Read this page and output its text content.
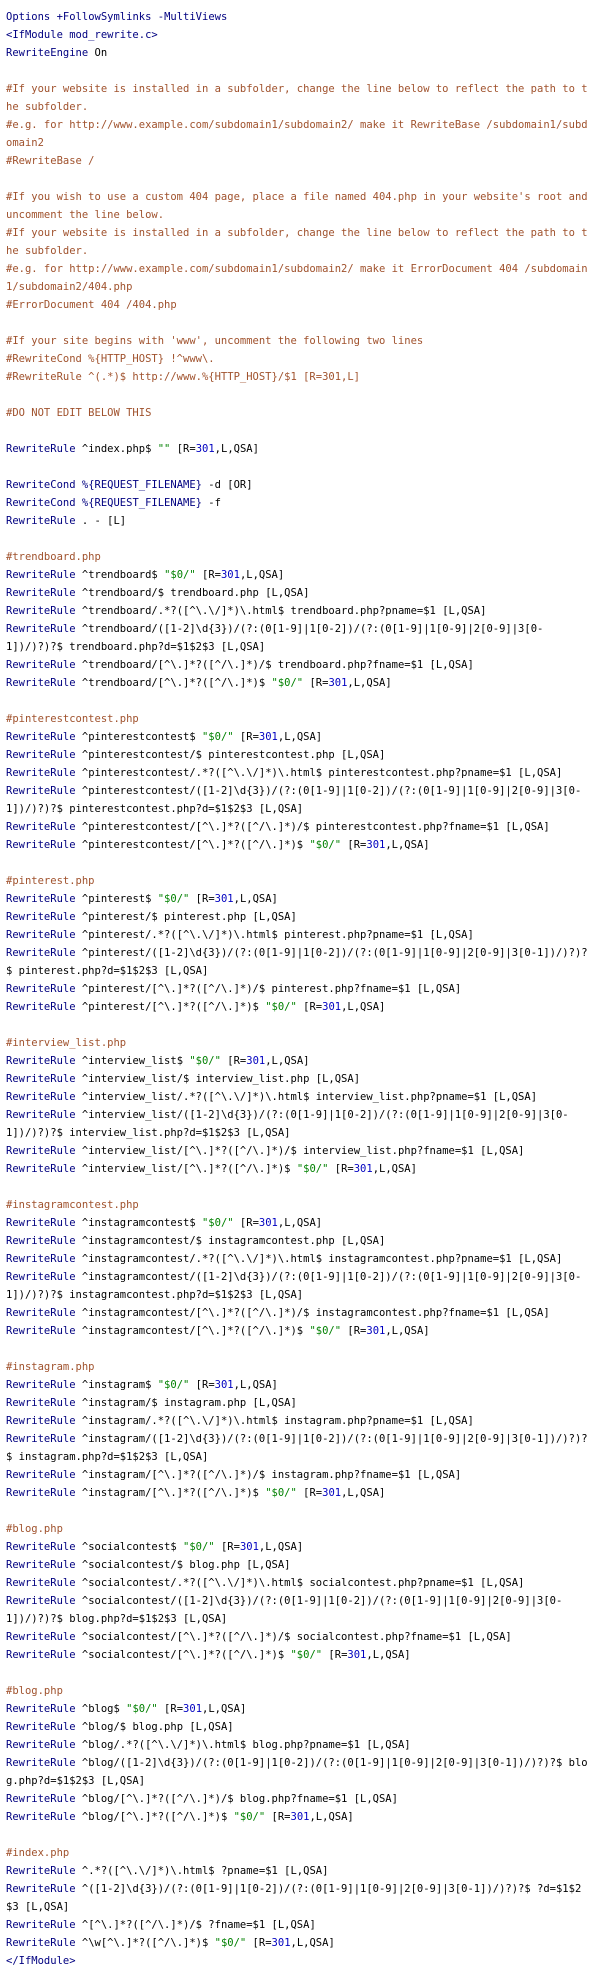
Options +FollowSymlinks -MultiViews
<IfModule mod_rewrite.c>
RewriteEngine On
#If your website is installed in a subfolder, change the line below to reflect the path to the subfolder.
#e.g. for http://www.example.com/subdomain1/subdomain2/ make it RewriteBase /subdomain1/subdomain2
#RewriteBase /
#If you wish to use a custom 404 page, place a file named 404.php in your website's root and uncomment the line below.
#If your website is installed in a subfolder, change the line below to reflect the path to the subfolder.
#e.g. for http://www.example.com/subdomain1/subdomain2/ make it ErrorDocument 404 /subdomain1/subdomain2/404.php
#ErrorDocument 404 /404.php
#If your site begins with 'www', uncomment the following two lines
#RewriteCond %{HTTP_HOST} !^www\.
#RewriteRule ^(.*)$ http://www.%{HTTP_HOST}/$1 [R=301,L]
#DO NOT EDIT BELOW THIS
RewriteRule ^index.php$ "" [R=301,L,QSA]
RewriteCond %{REQUEST_FILENAME} -d [OR]
RewriteCond %{REQUEST_FILENAME} -f
RewriteRule . - [L]
#trendboard.php
RewriteRule ^trendboard$ "$0/" [R=301,L,QSA]
RewriteRule ^trendboard/$ trendboard.php [L,QSA]
RewriteRule ^trendboard/.*?([^\.\/]*)\.html$ trendboard.php?pname=$1 [L,QSA]
RewriteRule ^trendboard/([1-2]\d{3})/(?:(0[1-9]|1[0-2])/(?:(0[1-9]|1[0-9]|2[0-9]|3[0-1])/)?)?$ trendboard.php?d=$1$2$3 [L,QSA]
RewriteRule ^trendboard/[^\.]*?([^/\.]*)/$ trendboard.php?fname=$1 [L,QSA]
RewriteRule ^trendboard/[^\.]*?([^/\.]*)$ "$0/" [R=301,L,QSA]
#pinterestcontest.php
RewriteRule ^pinterestcontest$ "$0/" [R=301,L,QSA]
RewriteRule ^pinterestcontest/$ pinterestcontest.php [L,QSA]
RewriteRule ^pinterestcontest/.*?([^\.\/]*)\.html$ pinterestcontest.php?pname=$1 [L,QSA]
RewriteRule ^pinterestcontest/([1-2]\d{3})/(?:(0[1-9]|1[0-2])/(?:(0[1-9]|1[0-9]|2[0-9]|3[0-1])/)?)?$ pinterestcontest.php?d=$1$2$3 [L,QSA]
RewriteRule ^pinterestcontest/[^\.]*?([^/\.]*)/$ pinterestcontest.php?fname=$1 [L,QSA]
RewriteRule ^pinterestcontest/[^\.]*?([^/\.]*)$ "$0/" [R=301,L,QSA]
#pinterest.php
RewriteRule ^pinterest$ "$0/" [R=301,L,QSA]
RewriteRule ^pinterest/$ pinterest.php [L,QSA]
RewriteRule ^pinterest/.*?([^\.\/]*)\.html$ pinterest.php?pname=$1 [L,QSA]
RewriteRule ^pinterest/([1-2]\d{3})/(?:(0[1-9]|1[0-2])/(?:(0[1-9]|1[0-9]|2[0-9]|3[0-1])/)?)?$ pinterest.php?d=$1$2$3 [L,QSA]
RewriteRule ^pinterest/[^\.]*?([^/\.]*)/$ pinterest.php?fname=$1 [L,QSA]
RewriteRule ^pinterest/[^\.]*?([^/\.]*)$ "$0/" [R=301,L,QSA]
#interview_list.php
RewriteRule ^interview_list$ "$0/" [R=301,L,QSA]
RewriteRule ^interview_list/$ interview_list.php [L,QSA]
RewriteRule ^interview_list/.*?([^\.\/]*)\.html$ interview_list.php?pname=$1 [L,QSA]
RewriteRule ^interview_list/([1-2]\d{3})/(?:(0[1-9]|1[0-2])/(?:(0[1-9]|1[0-9]|2[0-9]|3[0-1])/)?)?$ interview_list.php?d=$1$2$3 [L,QSA]
RewriteRule ^interview_list/[^\.]*?([^/\.]*)/$ interview_list.php?fname=$1 [L,QSA]
RewriteRule ^interview_list/[^\.]*?([^/\.]*)$ "$0/" [R=301,L,QSA]
#instagramcontest.php
RewriteRule ^instagramcontest$ "$0/" [R=301,L,QSA]
RewriteRule ^instagramcontest/$ instagramcontest.php [L,QSA]
RewriteRule ^instagramcontest/.*?([^\.\/]*)\.html$ instagramcontest.php?pname=$1 [L,QSA]
RewriteRule ^instagramcontest/([1-2]\d{3})/(?:(0[1-9]|1[0-2])/(?:(0[1-9]|1[0-9]|2[0-9]|3[0-1])/)?)?$ instagramcontest.php?d=$1$2$3 [L,QSA]
RewriteRule ^instagramcontest/[^\.]*?([^/\.]*)/$ instagramcontest.php?fname=$1 [L,QSA]
RewriteRule ^instagramcontest/[^\.]*?([^/\.]*)$ "$0/" [R=301,L,QSA]
#instagram.php
RewriteRule ^instagram$ "$0/" [R=301,L,QSA]
RewriteRule ^instagram/$ instagram.php [L,QSA]
RewriteRule ^instagram/.*?([^\.\/]*)\.html$ instagram.php?pname=$1 [L,QSA]
RewriteRule ^instagram/([1-2]\d{3})/(?:(0[1-9]|1[0-2])/(?:(0[1-9]|1[0-9]|2[0-9]|3[0-1])/)?)?$ instagram.php?d=$1$2$3 [L,QSA]
RewriteRule ^instagram/[^\.]*?([^/\.]*)/$ instagram.php?fname=$1 [L,QSA]
RewriteRule ^instagram/[^\.]*?([^/\.]*)$ "$0/" [R=301,L,QSA]
#blog.php
RewriteRule ^socialcontest$ "$0/" [R=301,L,QSA]
RewriteRule ^socialcontest/$ blog.php [L,QSA]
RewriteRule ^socialcontest/.*?([^\.\/]*)\.html$ socialcontest.php?pname=$1 [L,QSA]
RewriteRule ^socialcontest/([1-2]\d{3})/(?:(0[1-9]|1[0-2])/(?:(0[1-9]|1[0-9]|2[0-9]|3[0-1])/)?)?$ blog.php?d=$1$2$3 [L,QSA]
RewriteRule ^socialcontest/[^\.]*?([^/\.]*)/$ socialcontest.php?fname=$1 [L,QSA]
RewriteRule ^socialcontest/[^\.]*?([^/\.]*)$ "$0/" [R=301,L,QSA]
#blog.php
RewriteRule ^blog$ "$0/" [R=301,L,QSA]
RewriteRule ^blog/$ blog.php [L,QSA]
RewriteRule ^blog/.*?([^\.\/]*)\.html$ blog.php?pname=$1 [L,QSA]
RewriteRule ^blog/([1-2]\d{3})/(?:(0[1-9]|1[0-2])/(?:(0[1-9]|1[0-9]|2[0-9]|3[0-1])/)?)?$ blog.php?d=$1$2$3 [L,QSA]
RewriteRule ^blog/[^\.]*?([^/\.]*)/$ blog.php?fname=$1 [L,QSA]
RewriteRule ^blog/[^\.]*?([^/\.]*)$ "$0/" [R=301,L,QSA]
#index.php
RewriteRule ^.*?([^\.\/]*)\.html$ ?pname=$1 [L,QSA]
RewriteRule ^([1-2]\d{3})/(?:(0[1-9]|1[0-2])/(?:(0[1-9]|1[0-9]|2[0-9]|3[0-1])/)?)?$ ?d=$1$2$3 [L,QSA]
RewriteRule ^[^\.]*?([^/\.]*)/$ ?fname=$1 [L,QSA]
RewriteRule ^\w[^\.]*?([^/\.]*)$ "$0/" [R=301,L,QSA]
</IfModule>
